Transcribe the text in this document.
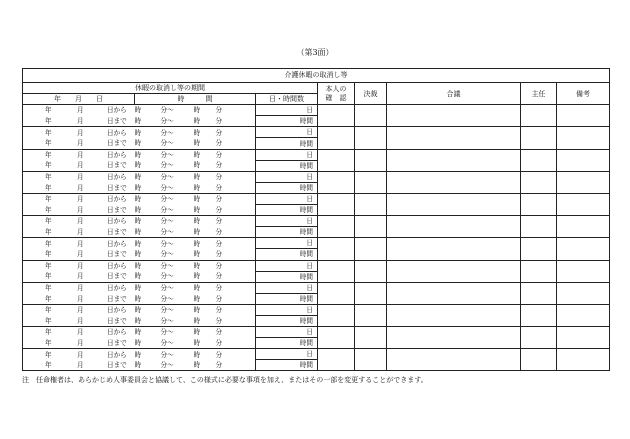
（第3面）
介護休暇の取消し等							
休暇の取消し等の期間			本人の
確　認	決裁	合議	主任	備考
年　　 月　　 日	時　　　 間	日・時間数					

年 月 日から	時 分〜 時 分	日					

年 月 日まで	時 分〜 時 分	時間					

年 月 日から	時 分〜 時 分	日					

年 月 日まで	時 分〜 時 分	時間					

年 月 日から	時 分〜 時 分	日					

年 月 日まで	時 分〜 時 分	時間					

年 月 日から	時 分〜 時 分	日					

年 月 日まで	時 分〜 時 分	時間					

年 月 日から	時 分〜 時 分	日					

年 月 日まで	時 分〜 時 分	時間					

年 月 日から	時 分〜 時 分	日					

年 月 日まで	時 分〜 時 分	時間					

年 月 日から	時 分〜 時 分	日					

年 月 日まで	時 分〜 時 分	時間					

年 月 日から	時 分〜 時 分	日					

年 月 日まで	時 分〜 時 分	時間					

年 月 日から	時 分〜 時 分	日					

年 月 日まで	時 分〜 時 分	時間					

年 月 日から	時 分〜 時 分	日					

年 月 日まで	時 分〜 時 分	時間					

年 月 日から	時 分〜 時 分	日					

年 月 日まで	時 分〜 時 分	時間					

年 月 日から	時 分〜 時 分	日					

年 月 日まで	時 分〜 時 分	時間					
注　任命権者は、あらかじめ人事委員会と協議して、この様式に必要な事項を加え、またはその一部を変更することができます。
